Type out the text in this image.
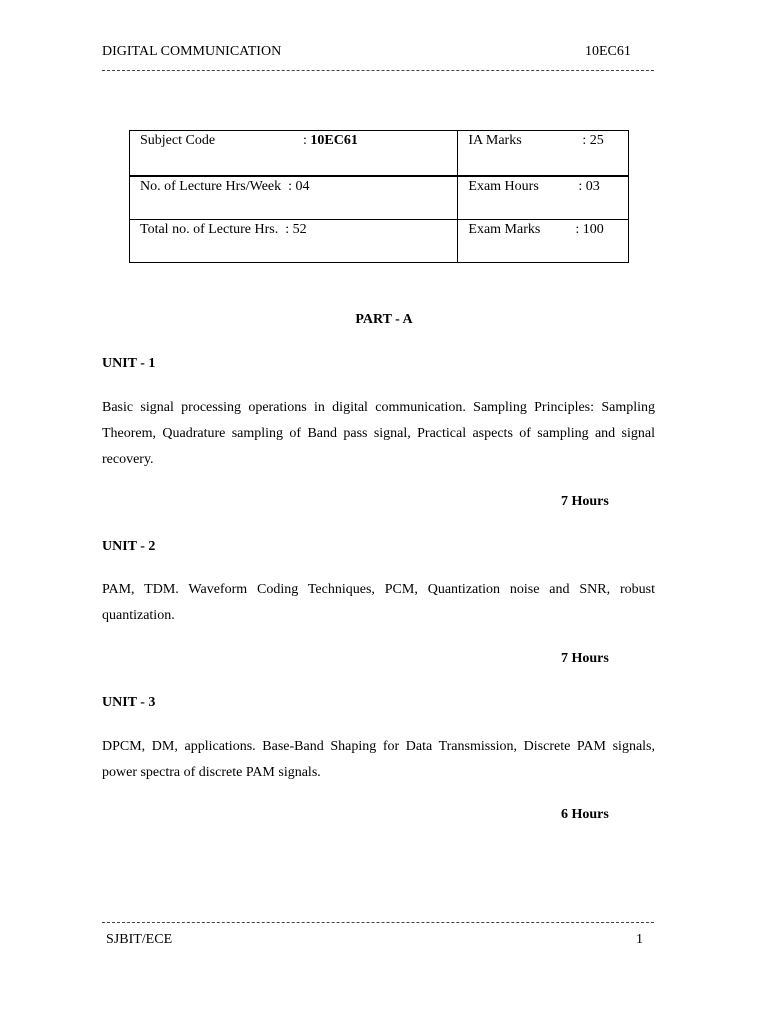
DIGITAL COMMUNICATION	10EC61
Subject Code : 10EC61	IA Marks : 25
No. of Lecture Hrs/Week : 04	Exam Hours : 03
Total no. of Lecture Hrs. : 52	Exam Marks : 100
PART - A
UNIT - 1
Basic signal processing operations in digital communication. Sampling Principles: Sampling Theorem, Quadrature sampling of Band pass signal, Practical aspects of sampling and signal recovery.
7 Hours
UNIT - 2
PAM, TDM. Waveform Coding Techniques, PCM, Quantization noise and SNR, robust quantization.
7 Hours
UNIT - 3
DPCM, DM, applications. Base-Band Shaping for Data Transmission, Discrete PAM signals, power spectra of discrete PAM signals.
6 Hours
SJBIT/ECE	1
